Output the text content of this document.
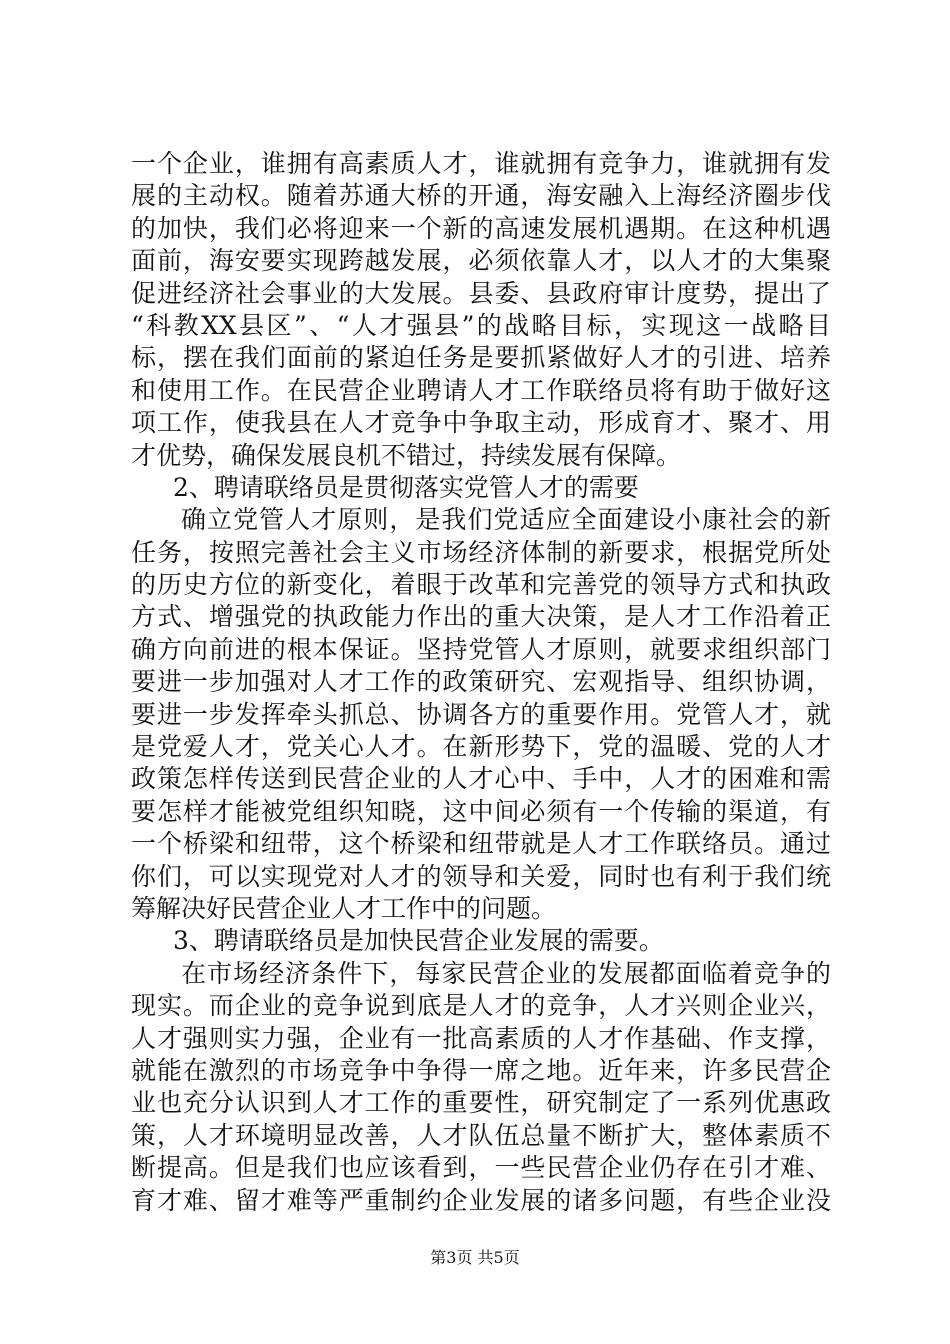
一个企业，谁拥有高素质人才，谁就拥有竞争力，谁就拥有发
展的主动权。随着苏通大桥的开通，海安融入上海经济圈步伐
的加快，我们必将迎来一个新的高速发展机遇期。在这种机遇
面前，海安要实现跨越发展，必须依靠人才，以人才的大集聚
促进经济社会事业的大发展。县委、县政府审计度势，提出了
“科教XX县区”、“人才强县”的战略目标，实现这一战略目
标，摆在我们面前的紧迫任务是要抓紧做好人才的引进、培养
和使用工作。在民营企业聘请人才工作联络员将有助于做好这
项工作，使我县在人才竞争中争取主动，形成育才、聚才、用
才优势，确保发展良机不错过，持续发展有保障。
2、聘请联络员是贯彻落实党管人才的需要
确立党管人才原则，是我们党适应全面建设小康社会的新
任务，按照完善社会主义市场经济体制的新要求，根据党所处
的历史方位的新变化，着眼于改革和完善党的领导方式和执政
方式、增强党的执政能力作出的重大决策，是人才工作沿着正
确方向前进的根本保证。坚持党管人才原则，就要求组织部门
要进一步加强对人才工作的政策研究、宏观指导、组织协调，
要进一步发挥牵头抓总、协调各方的重要作用。党管人才，就
是党爱人才，党关心人才。在新形势下，党的温暖、党的人才
政策怎样传送到民营企业的人才心中、手中，人才的困难和需
要怎样才能被党组织知晓，这中间必须有一个传输的渠道，有
一个桥梁和纽带，这个桥梁和纽带就是人才工作联络员。通过
你们，可以实现党对人才的领导和关爱，同时也有利于我们统
筹解决好民营企业人才工作中的问题。
3、聘请联络员是加快民营企业发展的需要。
在市场经济条件下，每家民营企业的发展都面临着竞争的
现实。而企业的竞争说到底是人才的竞争，人才兴则企业兴，
人才强则实力强，企业有一批高素质的人才作基础、作支撑，
就能在激烈的市场竞争中争得一席之地。近年来，许多民营企
业也充分认识到人才工作的重要性，研究制定了一系列优惠政
策，人才环境明显改善，人才队伍总量不断扩大，整体素质不
断提高。但是我们也应该看到，一些民营企业仍存在引才难、
育才难、留才难等严重制约企业发展的诸多问题，有些企业没
第3页 共5页
